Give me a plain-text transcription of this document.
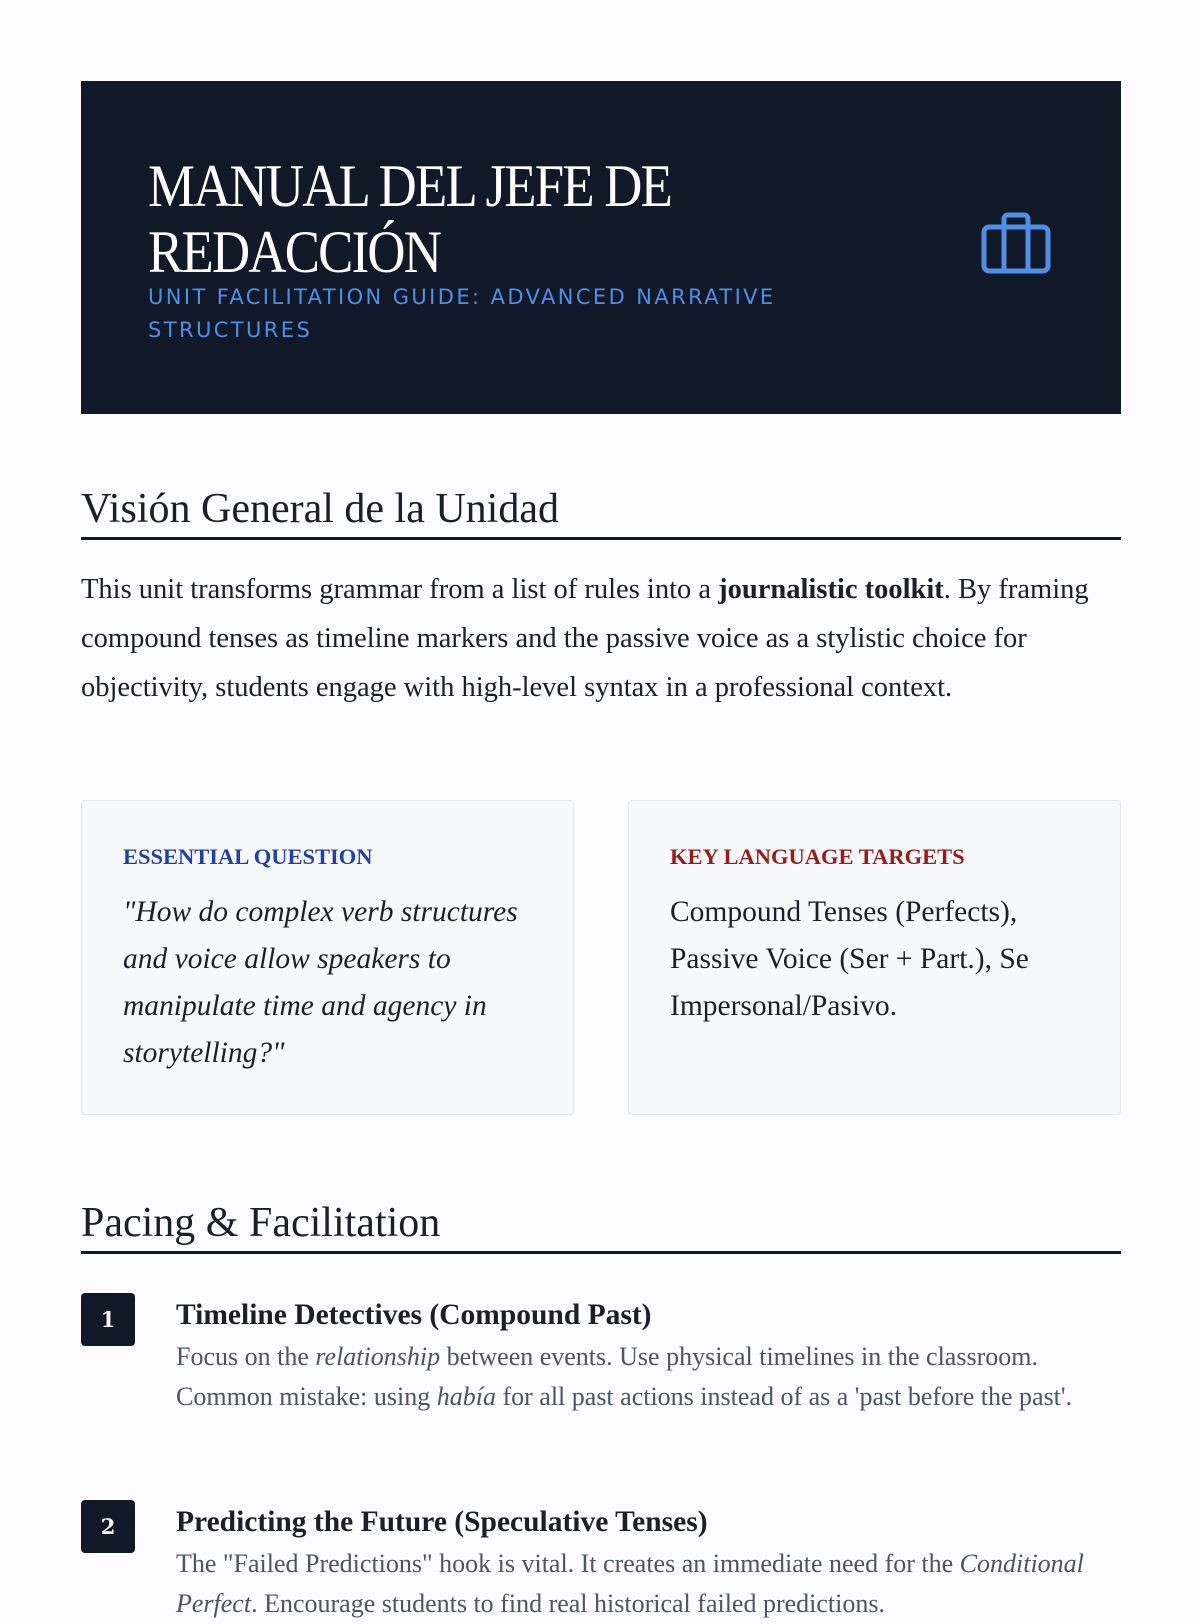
MANUAL DEL JEFE DE REDACCIÓN

UNIT FACILITATION GUIDE: ADVANCED NARRATIVE STRUCTURES

Visión General de la Unidad

This unit transforms grammar from a list of rules into a journalistic toolkit. By framing compound tenses as timeline markers and the passive voice as a stylistic choice for objectivity, students engage with high-level syntax in a professional context.

ESSENTIAL QUESTION

"How do complex verb structures and voice allow speakers to manipulate time and agency in storytelling?"

KEY LANGUAGE TARGETS

Compound Tenses (Perfects), Passive Voice (Ser + Part.), Se Impersonal/Pasivo.

Pacing & Facilitation
1	Timeline Detectives (Compound Past)

Focus on the relationship between events. Use physical timelines in the classroom. Common mistake: using había for all past actions instead of as a 'past before the past'.

2	Predicting the Future (Speculative Tenses)

The "Failed Predictions" hook is vital. It creates an immediate need for the Conditional Perfect. Encourage students to find real historical failed predictions.
